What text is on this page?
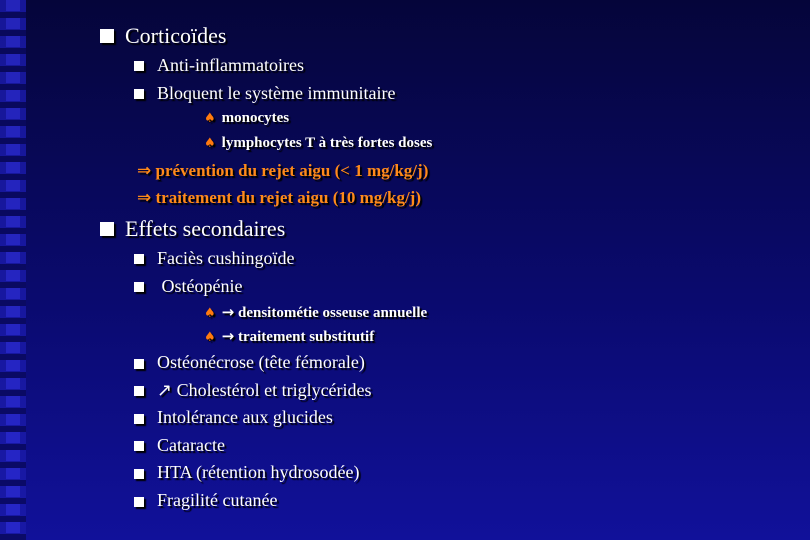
Corticoïdes
Anti-inflammatoires
Bloquent le système immunitaire
♠ monocytes
♠ lymphocytes T à très fortes doses
⇒ prévention du rejet aigu (< 1 mg/kg/j)
⇒ traitement du rejet aigu (10 mg/kg/j)
Effets secondaires
Faciès cushingoïde
Ostéopénie
♠ → densitométie osseuse annuelle
♠ → traitement substitutif
Ostéonécrose (tête fémorale)
↗ Cholestérol et triglycérides
Intolérance aux glucides
Cataracte
HTA (rétention hydrosodée)
Fragilité cutanée
